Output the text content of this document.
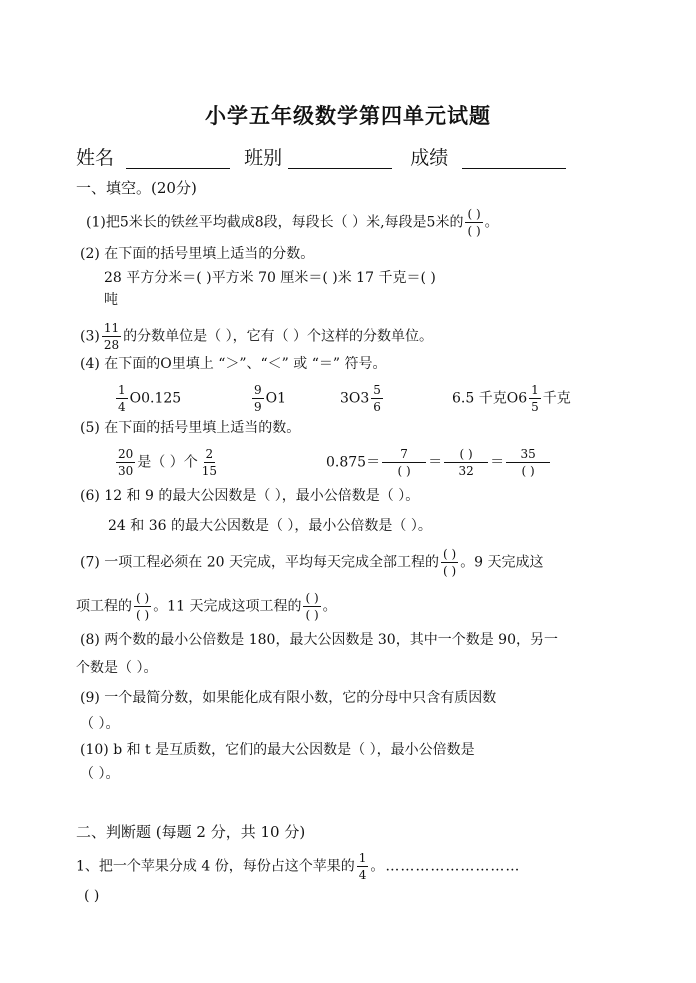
小学五年级数学第四单元试题
姓名	班别	成绩
一、填空。(20分)
(1)把5米长的铁丝平均截成8段，每段长（ ）米,每段是5米的
( )
( )
。
(2) 在下面的括号里填上适当的分数。
28 平方分米＝( )平方米 70 厘米＝( )米 17 千克＝( )
吨
$(3) \frac{11}{28}$ 的分数单位是（ ），它有（ ）个这样的分数单位。
(4) 在下面的O里填上 “＞”、“＜” 或 “＝” 符号。
$\frac{1}{4} O0.125$	$\frac{9}{9} O1$	$3O3 \frac{5}{6}$	6.5 千克$O6 \frac{1}{5}$ 千克
(5) 在下面的括号里填上适当的数。
$\frac{20}{30}$ 是（ ）个 $\frac{2}{15}$	0.875＝
7
( )
＝
( )
32
＝
35
( )
(6) 12 和 9 的最大公因数是（ ），最小公倍数是（ ）。
24 和 36 的最大公因数是（ ），最小公倍数是（ ）。
(7) 一项工程必须在 20 天完成，平均每天完成全部工程的
( )
( )
。9 天完成这
项工程的
( )
( )
。11 天完成这项工程的
( )
( )
。
(8) 两个数的最小公倍数是 180，最大公因数是 30，其中一个数是 90，另一
个数是（ ）。
(9) 一个最简分数，如果能化成有限小数，它的分母中只含有质因数
（ ）。
(10) b 和 t 是互质数，它们的最大公因数是（ ），最小公倍数是
（ ）。
二、判断题 (每题 2 分，共 10 分)
1、把一个苹果分成 4 份，每份占这个苹果的 $\frac{1}{4}$ 。………………………
( )
